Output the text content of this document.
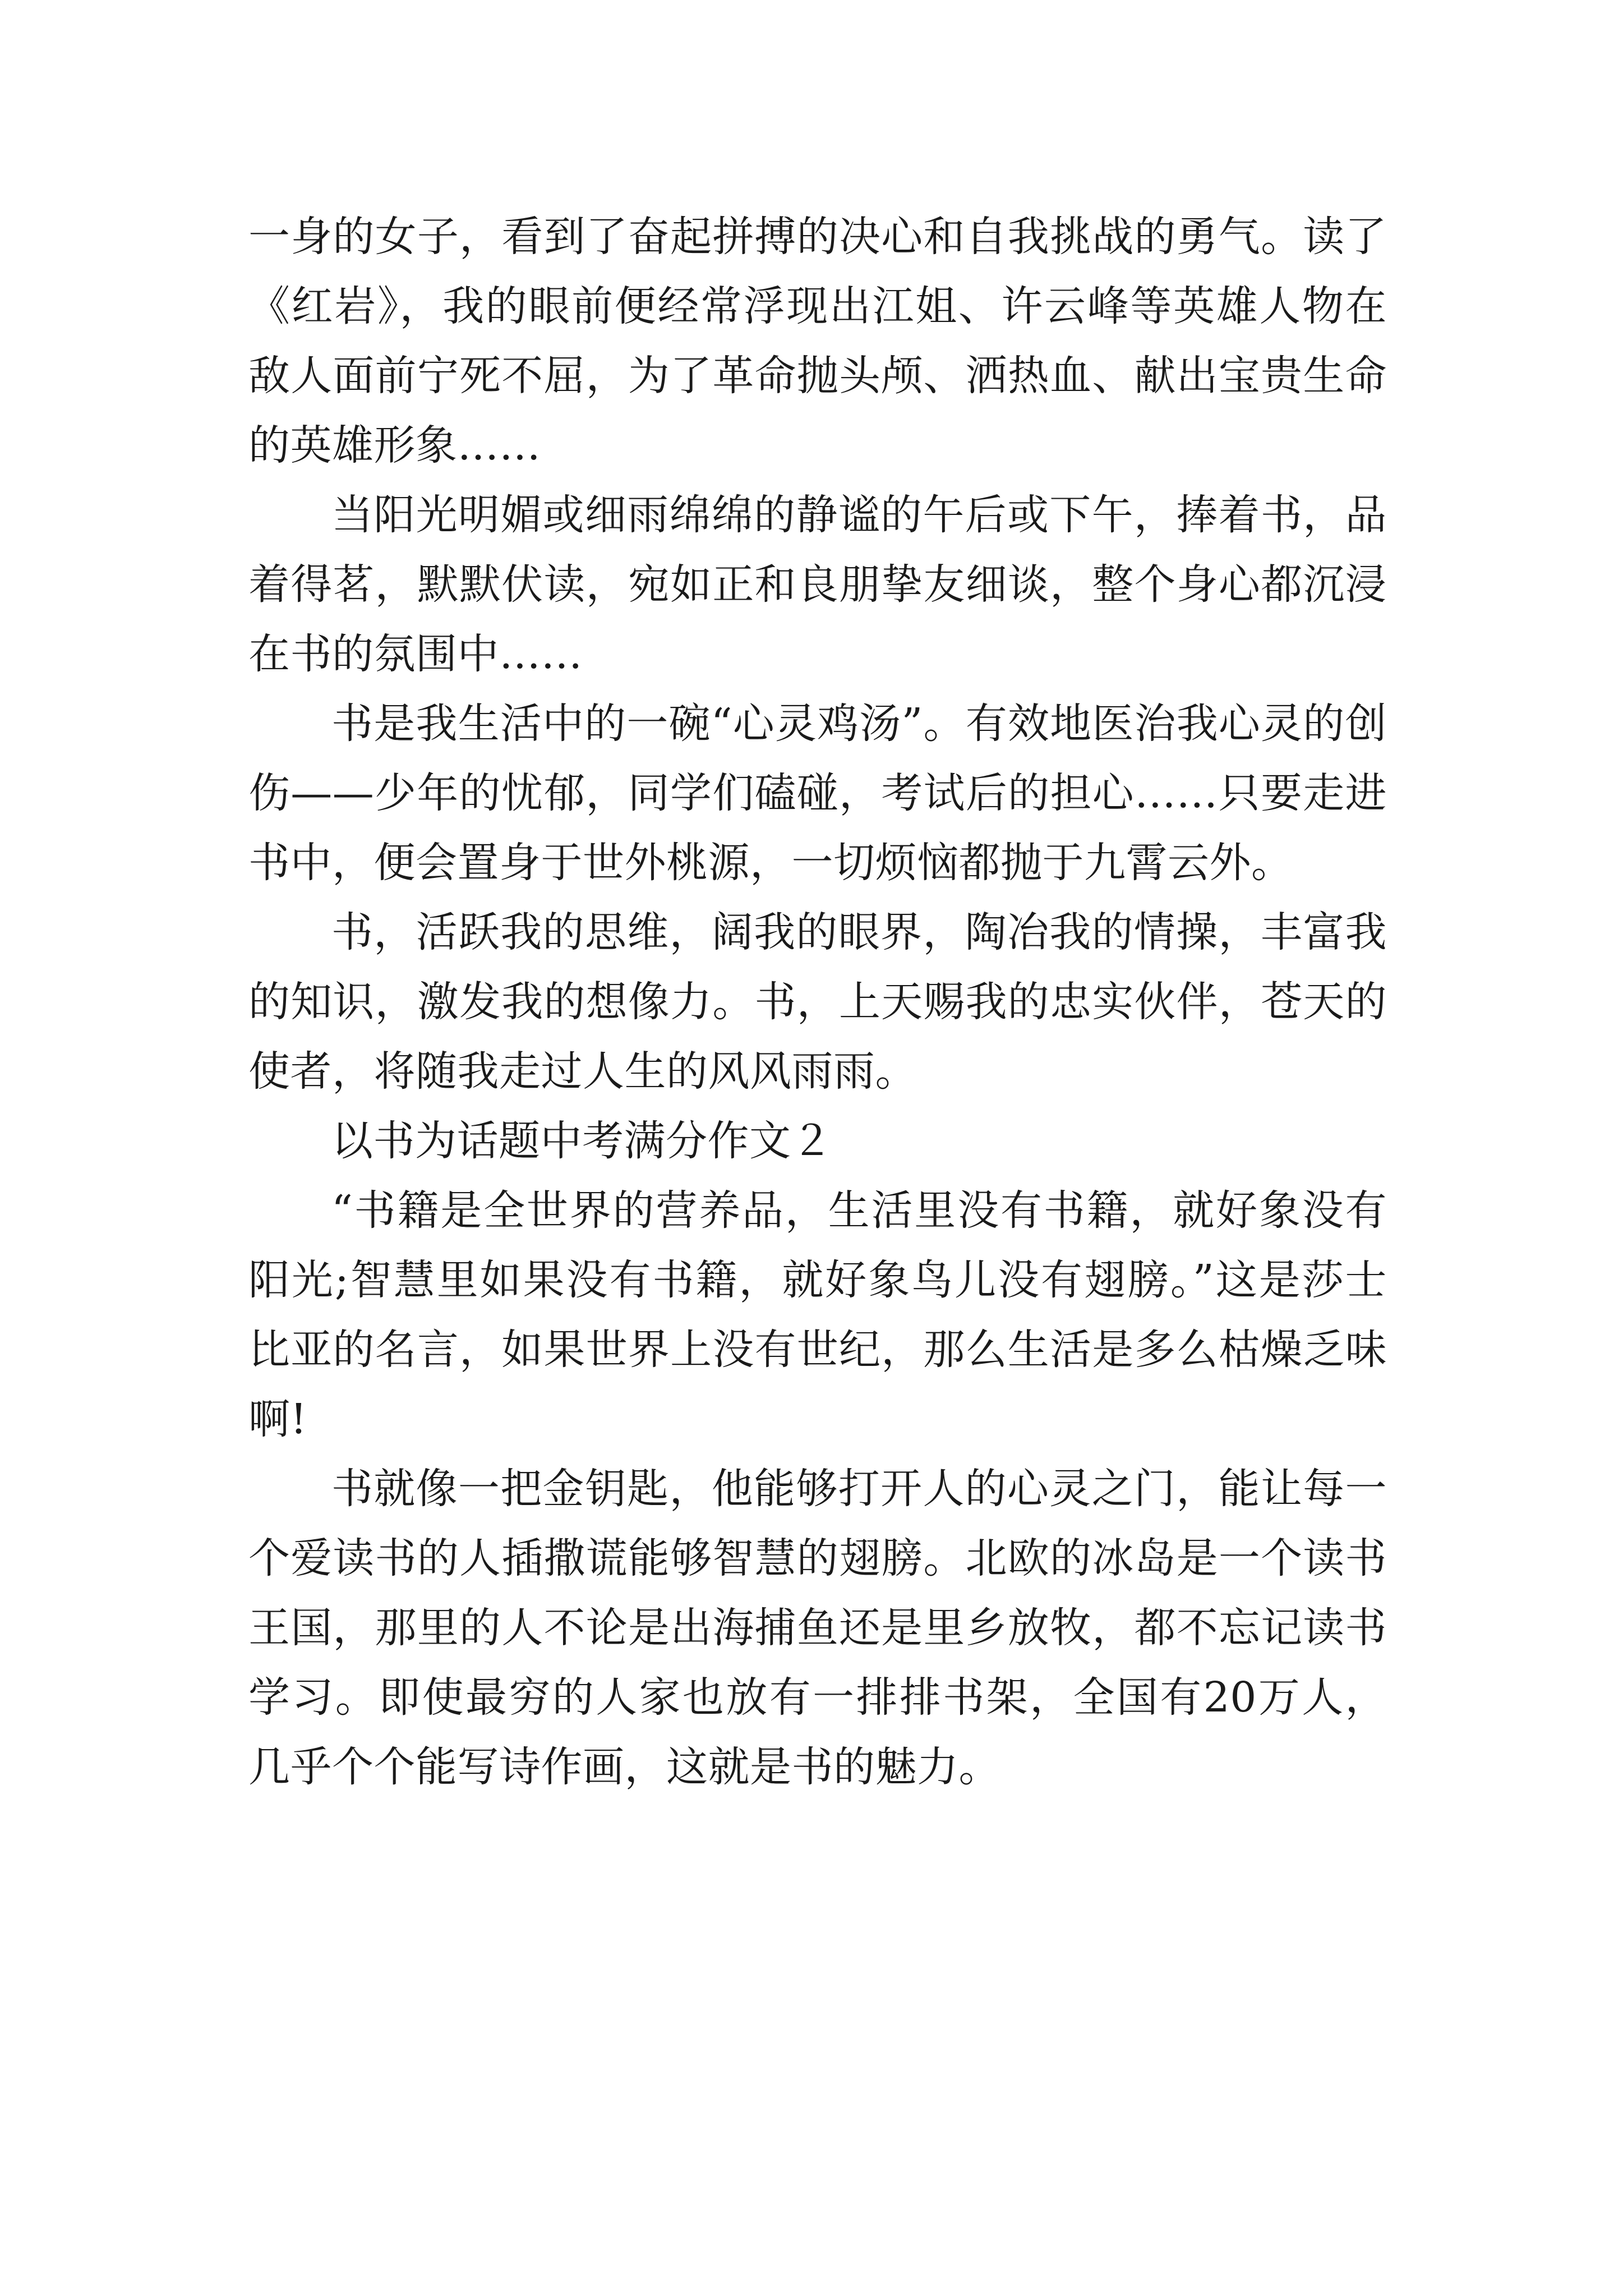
一身的女子，看到了奋起拼搏的决心和自我挑战的勇气。读了《红岩》，我的眼前便经常浮现出江姐、许云峰等英雄人物在敌人面前宁死不屈，为了革命抛头颅、洒热血、献出宝贵生命的英雄形象……

当阳光明媚或细雨绵绵的静谧的午后或下午，捧着书，品着得茗，默默伏读，宛如正和良朋挚友细谈，整个身心都沉浸在书的氛围中……

书是我生活中的一碗“心灵鸡汤”。有效地医治我心灵的创伤——少年的忧郁，同学们磕碰，考试后的担心……只要走进书中，便会置身于世外桃源，一切烦恼都抛于九霄云外。

书，活跃我的思维，阔我的眼界，陶冶我的情操，丰富我的知识，激发我的想像力。书，上天赐我的忠实伙伴，苍天的使者，将随我走过人生的风风雨雨。

以书为话题中考满分作文２

“书籍是全世界的营养品，生活里没有书籍，就好象没有阳光;智慧里如果没有书籍，就好象鸟儿没有翅膀。”这是莎士比亚的名言，如果世界上没有世纪，那么生活是多么枯燥乏味啊!

书就像一把金钥匙，他能够打开人的心灵之门，能让每一个爱读书的人插撒谎能够智慧的翅膀。北欧的冰岛是一个读书王国，那里的人不论是出海捕鱼还是里乡放牧，都不忘记读书学习。即使最穷的人家也放有一排排书架，全国有20万人，几乎个个能写诗作画，这就是书的魅力。
